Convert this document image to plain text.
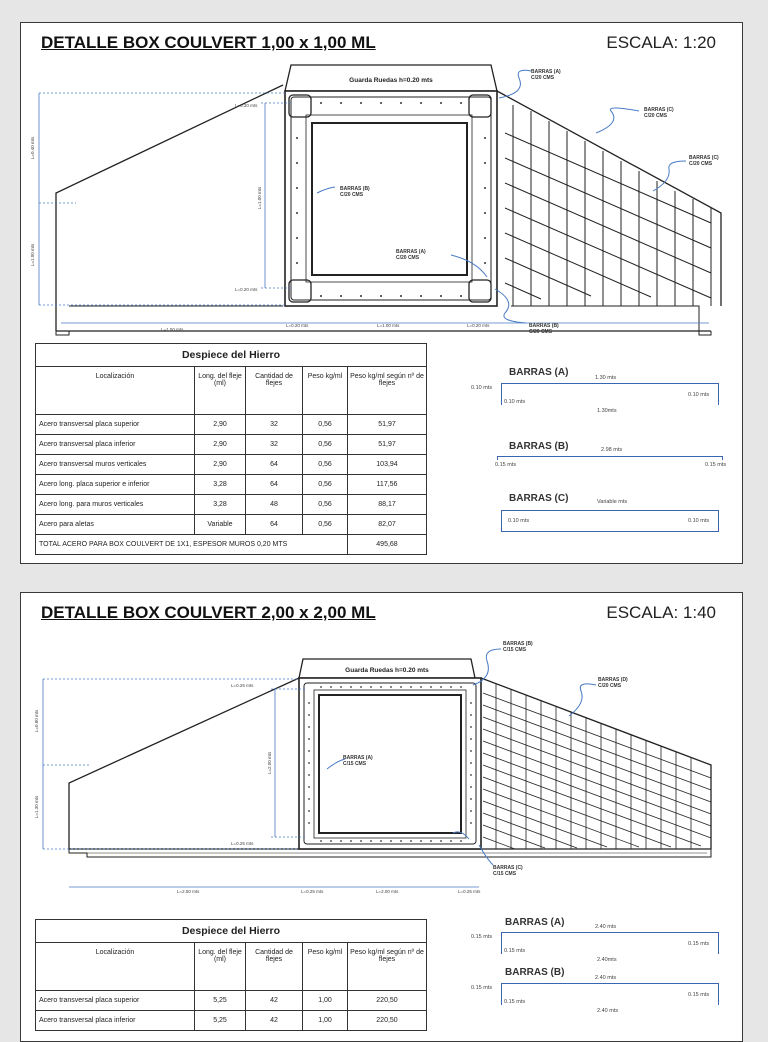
DETALLE BOX COULVERT 1,00 x 1,00 ML	ESCALA: 1:20
Guarda Ruedas h=0.20 mts
L=0.40 mts
L=1.00 mts
L=0.20 mts
L=1.00 mts
L=0.20 mts
L=1.50 mts
L=0.20 mts	L=1.00 mts	L=0.20 mts
BARRAS (A) C/20 CMS
BARRAS (C) C/20 CMS
BARRAS (C) C/20 CMS
BARRAS (B) C/20 CMS
BARRAS (A) C/20 CMS
BARRAS (B) C/20 CMS
Despiece del Hierro				
Localización	Long. del fleje (ml)	Cantidad de flejes	Peso kg/ml	Peso kg/ml según nº de flejes
Acero transversal placa superior	2,90	32	0,56	51,97
Acero transversal placa inferior	2,90	32	0,56	51,97
Acero transversal muros verticales	2,90	64	0,56	103,94
Acero long. placa superior e inferior	3,28	64	0,56	117,56
Acero long. para muros verticales	3,28	48	0,56	88,17
Acero para aletas	Variable	64	0,56	82,07
TOTAL ACERO PARA BOX COULVERT DE 1X1, ESPESOR MUROS 0,20 MTS				495,68
BARRAS (A)	1.30 mts
0.10 mts
0.10 mts
0.10 mts
1.30mts
BARRAS (B)	2.98 mts
0.15 mts	0.15 mts
BARRAS (C)	Variable mts
0.10 mts	0.10 mts
DETALLE BOX COULVERT 2,00 x 2,00 ML	ESCALA: 1:40
Guarda Ruedas h=0.20 mts
L=0.80 mts
L=1.30 mts
L=0.25 mts
L=2.00 mts
L=0.25 mts
L=2.50 mts	L=0.25 mts	L=2.00 mts	L=0.25 mts
BARRAS (B) C/15 CMS
BARRAS (D) C/20 CMS
BARRAS (A) C/15 CMS
BARRAS (C) C/15 CMS
Despiece del Hierro				
Localización	Long. del fleje (ml)	Cantidad de flejes	Peso kg/ml	Peso kg/ml según nº de flejes
Acero transversal placa superior	5,25	42	1,00	220,50
Acero transversal placa inferior	5,25	42	1,00	220,50
BARRAS (A)	2.40 mts
0.15 mts
0.15 mts
0.15 mts
2.40mts
BARRAS (B)	2.40 mts
0.15 mts
0.15 mts
0.15 mts
2.40 mts
